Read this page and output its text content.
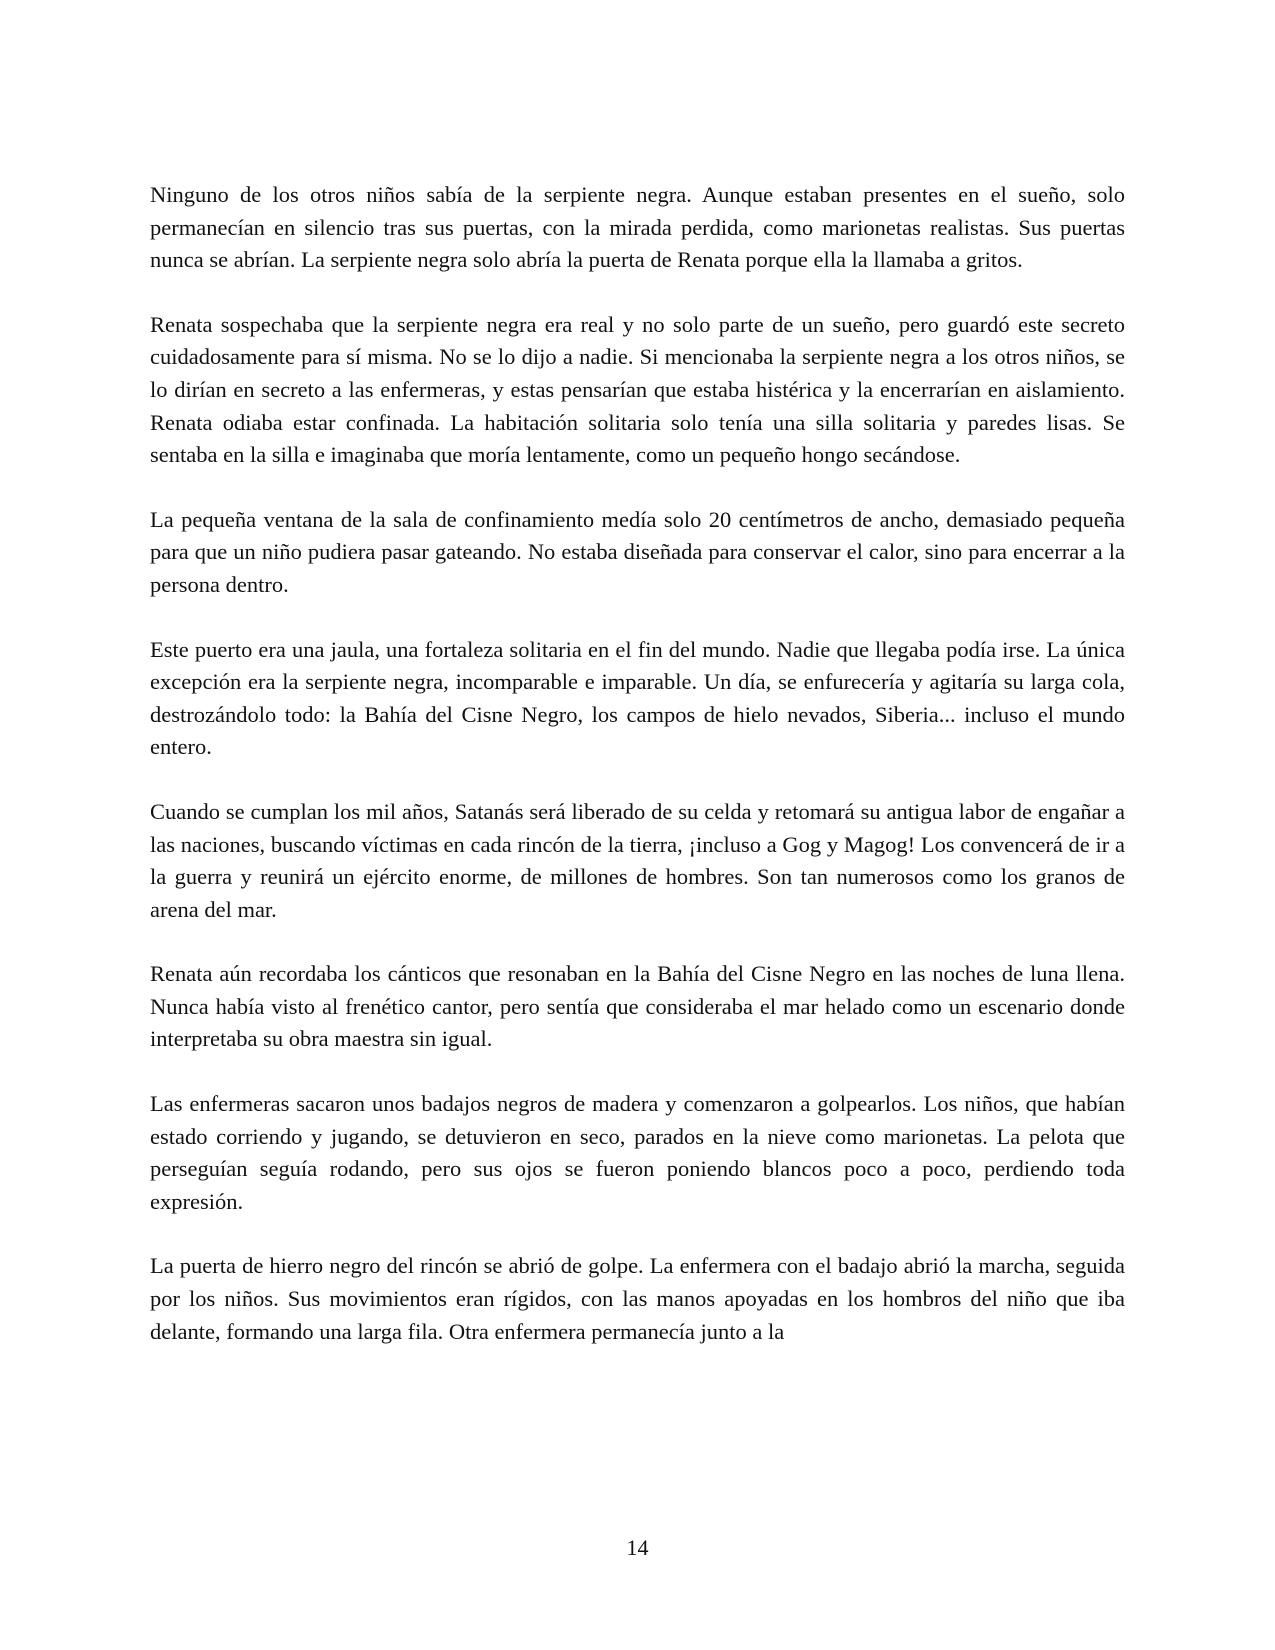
Ninguno de los otros niños sabía de la serpiente negra. Aunque estaban presentes en el sueño, solo permanecían en silencio tras sus puertas, con la mirada perdida, como marionetas realistas. Sus puertas nunca se abrían. La serpiente negra solo abría la puerta de Renata porque ella la llamaba a gritos.

Renata sospechaba que la serpiente negra era real y no solo parte de un sueño, pero guardó este secreto cuidadosamente para sí misma. No se lo dijo a nadie. Si mencionaba la serpiente negra a los otros niños, se lo dirían en secreto a las enfermeras, y estas pensarían que estaba histérica y la encerrarían en aislamiento. Renata odiaba estar confinada. La habitación solitaria solo tenía una silla solitaria y paredes lisas. Se sentaba en la silla e imaginaba que moría lentamente, como un pequeño hongo secándose.

La pequeña ventana de la sala de confinamiento medía solo 20 centímetros de ancho, demasiado pequeña para que un niño pudiera pasar gateando. No estaba diseñada para conservar el calor, sino para encerrar a la persona dentro.

Este puerto era una jaula, una fortaleza solitaria en el fin del mundo. Nadie que llegaba podía irse. La única excepción era la serpiente negra, incomparable e imparable. Un día, se enfurecería y agitaría su larga cola, destrozándolo todo: la Bahía del Cisne Negro, los campos de hielo nevados, Siberia... incluso el mundo entero.

Cuando se cumplan los mil años, Satanás será liberado de su celda y retomará su antigua labor de engañar a las naciones, buscando víctimas en cada rincón de la tierra, ¡incluso a Gog y Magog! Los convencerá de ir a la guerra y reunirá un ejército enorme, de millones de hombres. Son tan numerosos como los granos de arena del mar.

Renata aún recordaba los cánticos que resonaban en la Bahía del Cisne Negro en las noches de luna llena. Nunca había visto al frenético cantor, pero sentía que consideraba el mar helado como un escenario donde interpretaba su obra maestra sin igual.

Las enfermeras sacaron unos badajos negros de madera y comenzaron a golpearlos. Los niños, que habían estado corriendo y jugando, se detuvieron en seco, parados en la nieve como marionetas. La pelota que perseguían seguía rodando, pero sus ojos se fueron poniendo blancos poco a poco, perdiendo toda expresión.

La puerta de hierro negro del rincón se abrió de golpe. La enfermera con el badajo abrió la marcha, seguida por los niños. Sus movimientos eran rígidos, con las manos apoyadas en los hombros del niño que iba delante, formando una larga fila. Otra enfermera permanecía junto a la

14
